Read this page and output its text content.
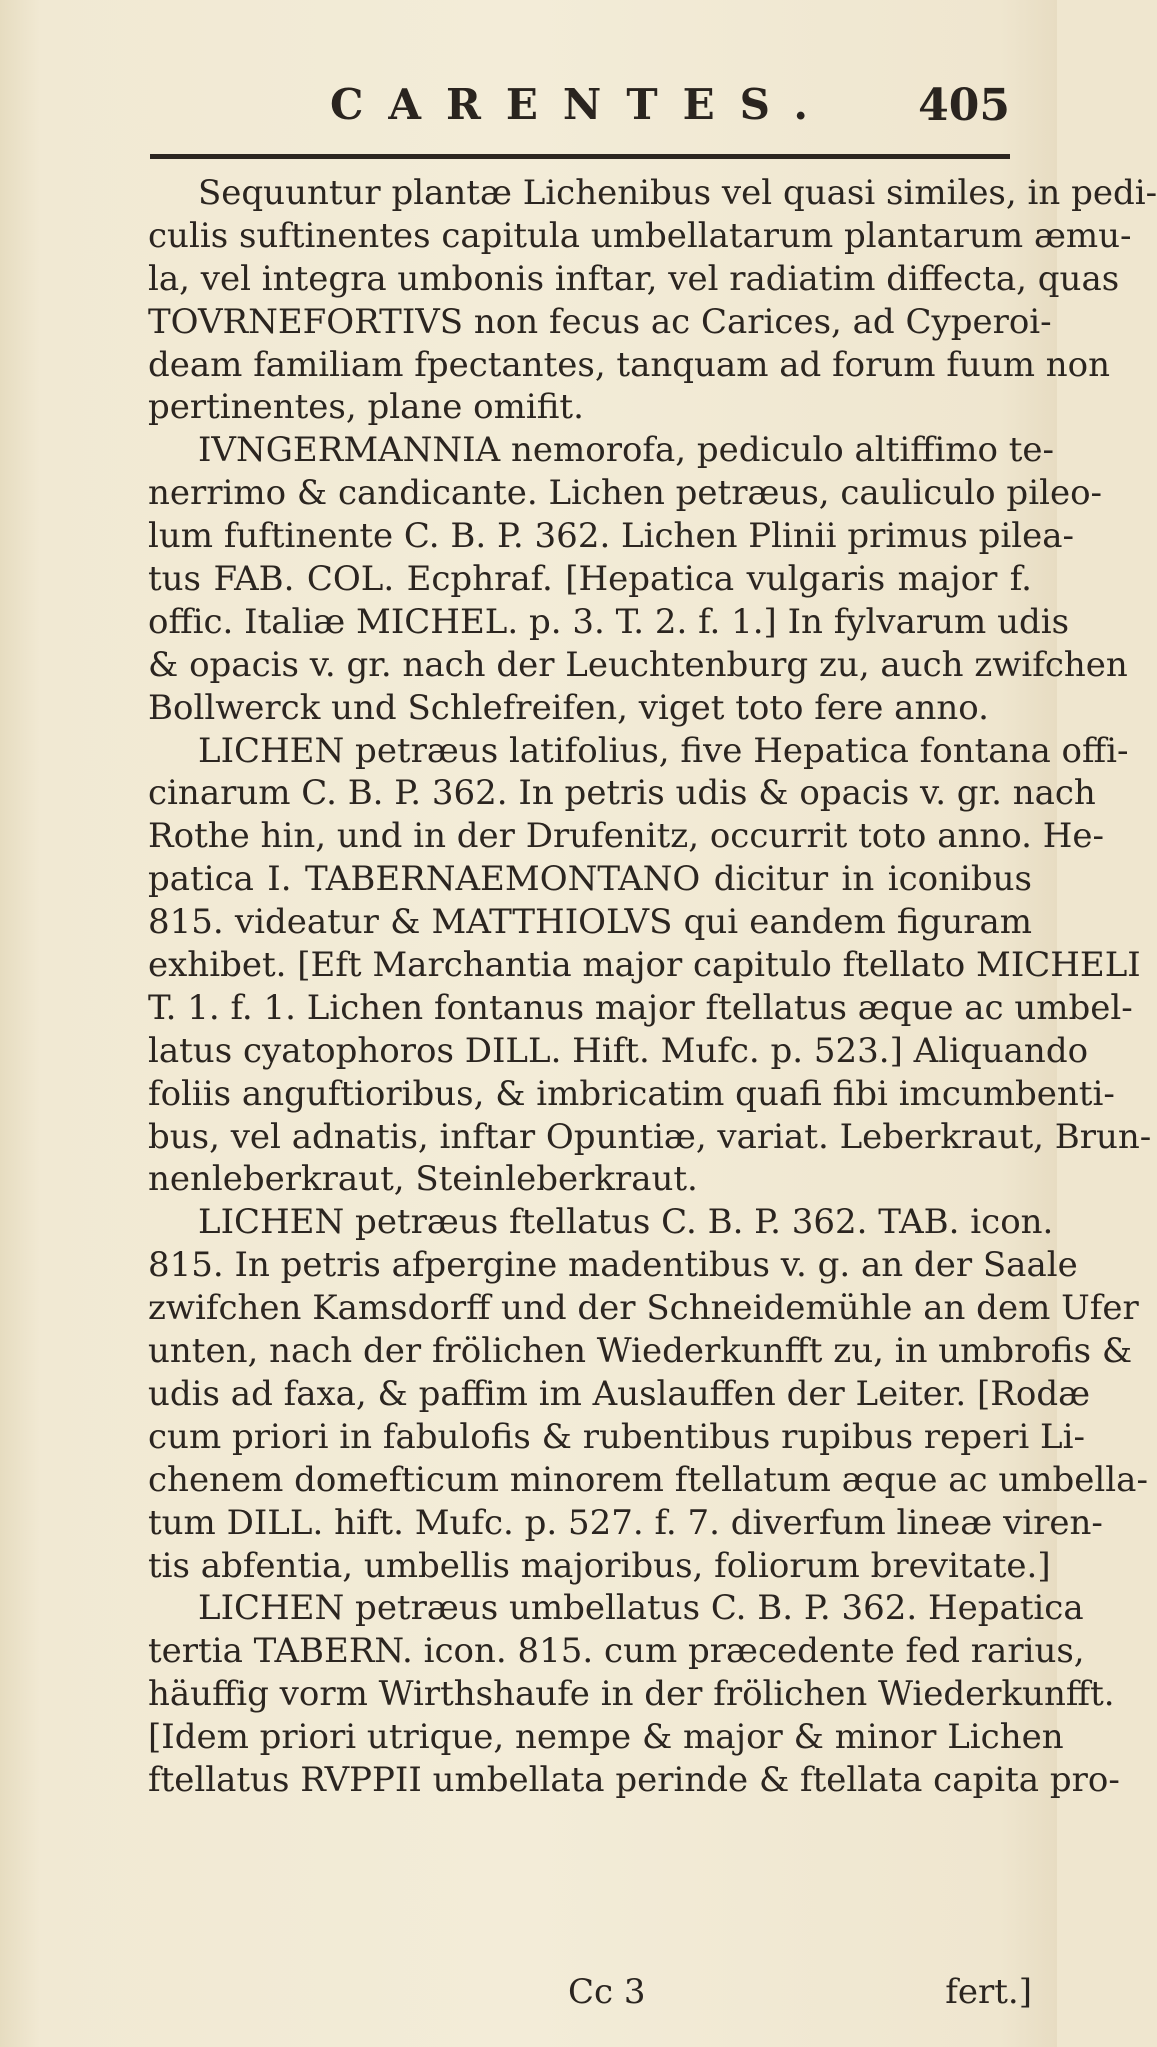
CARENTES. 405
Sequuntur plantæ Lichenibus vel quasi similes, in pedi-
culis suftinentes capitula umbellatarum plantarum æmu-
la, vel integra umbonis inftar, vel radiatim diffecta, quas
TOVRNEFORTIVS non fecus ac Carices, ad Cyperoi-
deam familiam fpectantes, tanquam ad forum fuum non
pertinentes, plane omifit.
IVNGERMANNIA nemorofa, pediculo altiffimo te-
nerrimo & candicante. Lichen petræus, cauliculo pileo-
lum fuftinente C. B. P. 362. Lichen Plinii primus pilea-
tus FAB. COL. Ecphraf. [Hepatica vulgaris major f.
offic. Italiæ MICHEL. p. 3. T. 2. f. 1.] In fylvarum udis
& opacis v. gr. nach der Leuchtenburg zu, auch zwifchen
Bollwerck und Schlefreifen, viget toto fere anno.
LICHEN petræus latifolius, five Hepatica fontana offi-
cinarum C. B. P. 362. In petris udis & opacis v. gr. nach
Rothe hin, und in der Drufenitz, occurrit toto anno. He-
patica I. TABERNAEMONTANO dicitur in iconibus
815. videatur & MATTHIOLVS qui eandem figuram
exhibet. [Eft Marchantia major capitulo ftellato MICHELI
T. 1. f. 1. Lichen fontanus major ftellatus æque ac umbel-
latus cyatophoros DILL. Hift. Mufc. p. 523.] Aliquando
foliis anguftioribus, & imbricatim quafi fibi imcumbenti-
bus, vel adnatis, inftar Opuntiæ, variat. Leberkraut, Brun-
nenleberkraut, Steinleberkraut.
LICHEN petræus ftellatus C. B. P. 362. TAB. icon.
815. In petris afpergine madentibus v. g. an der Saale
zwifchen Kamsdorff und der Schneidemühle an dem Ufer
unten, nach der frölichen Wiederkunfft zu, in umbrofis &
udis ad faxa, & paffim im Auslauffen der Leiter. [Rodæ
cum priori in fabulofis & rubentibus rupibus reperi Li-
chenem domefticum minorem ftellatum æque ac umbella-
tum DILL. hift. Mufc. p. 527. f. 7. diverfum lineæ viren-
tis abfentia, umbellis majoribus, foliorum brevitate.]
LICHEN petræus umbellatus C. B. P. 362. Hepatica
tertia TABERN. icon. 815. cum præcedente fed rarius,
häuffig vorm Wirthshaufe in der frölichen Wiederkunfft.
[Idem priori utrique, nempe & major & minor Lichen
ftellatus RVPPII umbellata perinde & ftellata capita pro-
Cc 3	fert.]
